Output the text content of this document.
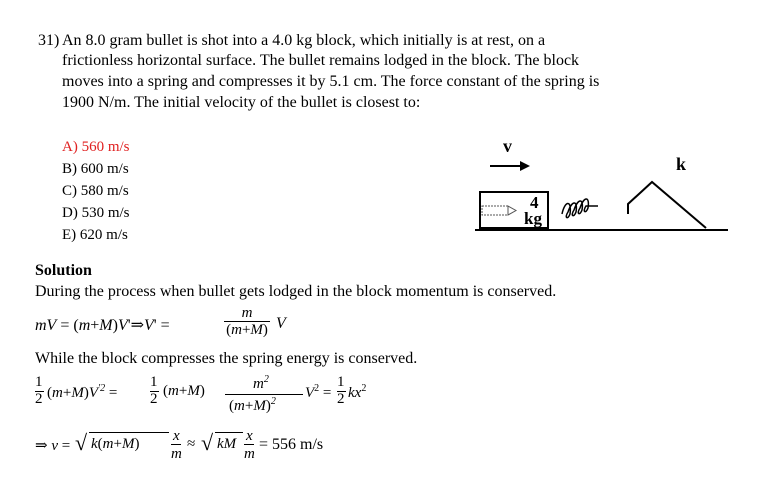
31) An 8.0 gram bullet is shot into a 4.0 kg block, which initially is at rest, on a
frictionless horizontal surface. The bullet remains lodged in the block. The block
moves into a spring and compresses it by 5.1 cm. The force constant of the spring is
1900 N/m. The initial velocity of the bullet is closest to:
A) 560 m/s
B) 600 m/s
C) 580 m/s
D) 530 m/s
E) 620 m/s
v
k
4
kg
Solution
During the process when bullet gets lodged in the block momentum is conserved.
mV = (m+M)V'⇒V' =
m
(m+M) V
While the block compresses the spring energy is conserved.
1
2 $(m+M)V^{'2}$ =
1
2 (m+M)	$m^2$
$(m+M)^2$
$V^2$ =
1
2 $kx^2$
⇒ v = √ k(m+M) x
m
≈ √ kM x
m
= 556 m/s
